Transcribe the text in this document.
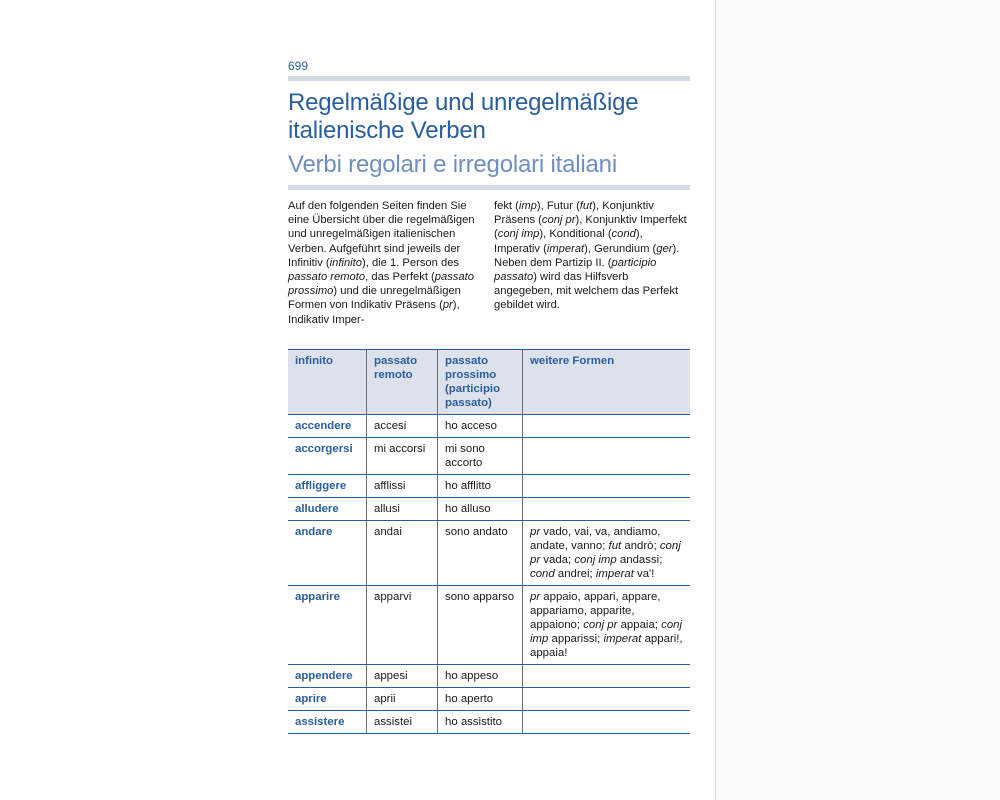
699
Regelmäßige und unregelmäßige
italienische Verben
Verbi regolari e irregolari italiani
Auf den folgenden Seiten finden Sie eine Übersicht über die regelmäßigen und unregelmäßigen italienischen Verben. Aufgeführt sind jeweils der Infinitiv (infinito), die 1. Person des passato remoto, das Perfekt (passato prossimo) und die unregelmäßigen Formen von Indikativ Präsens (pr), Indikativ Imper-
fekt (imp), Futur (fut), Konjunktiv Präsens (conj pr), Konjunktiv Imperfekt (conj imp), Konditional (cond), Imperativ (imperat), Gerundium (ger). Neben dem Partizip II. (participio passato) wird das Hilfsverb angegeben, mit welchem das Perfekt gebildet wird.
infinito	passato remoto	passato prossimo (participio passato)	weitere Formen
accendere	accesi	ho acceso	
accorgersi	mi accorsi	mi sono accorto	
affliggere	afflissi	ho afflitto	
alludere	allusi	ho alluso	
andare	andai	sono andato	pr vado, vai, va, andiamo, andate, vanno; fut andrò; conj pr vada; conj imp andassi; cond andrei; imperat va'!
apparire	apparvi	sono apparso	pr appaio, appari, appare, appariamo, apparite, appaiono; conj pr appaia; conj imp apparissi; imperat appari!, appaia!
appendere	appesi	ho appeso	
aprire	aprii	ho aperto	
assistere	assistei	ho assistito	
